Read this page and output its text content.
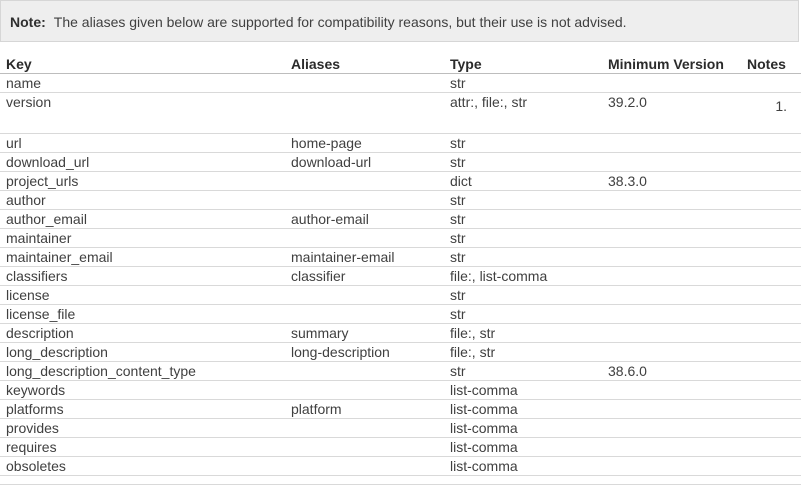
Note: The aliases given below are supported for compatibility reasons, but their use is not advised.
Key	Aliases	Type	Minimum Version	Notes
name		str		
version		attr:, file:, str	39.2.0	1.
url	home-page	str		
download_url	download-url	str		
project_urls		dict	38.3.0	
author		str		
author_email	author-email	str		
maintainer		str		
maintainer_email	maintainer-email	str		
classifiers	classifier	file:, list-comma		
license		str		
license_file		str		
description	summary	file:, str		
long_description	long-description	file:, str		
long_description_content_type		str	38.6.0	
keywords		list-comma		
platforms	platform	list-comma		
provides		list-comma		
requires		list-comma		
obsoletes		list-comma		
